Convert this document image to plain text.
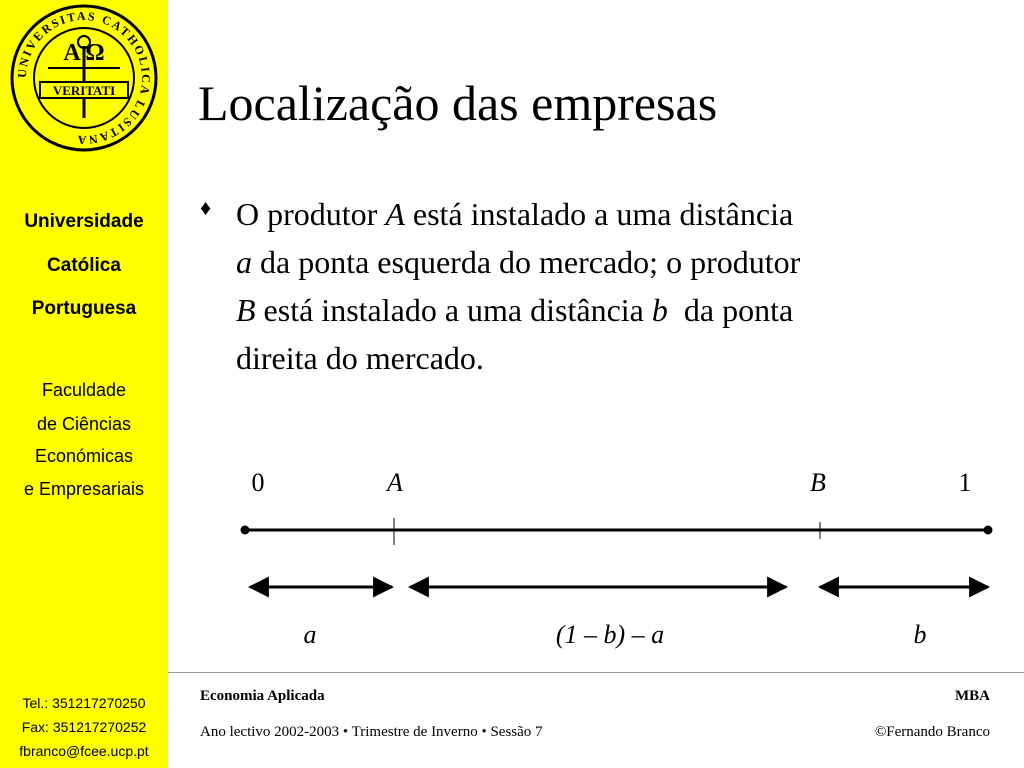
UNIVERSITAS CATHOLICA LUSITANA
A Ω
VERITATI
Universidade
Católica
Portuguesa
Faculdade
de Ciências
Económicas
e Empresariais
Tel.: 351217270250
Fax: 351217270252
fbranco@fcee.ucp.pt
Localização das empresas
♦ O produtor A está instalado a uma distância
a da ponta esquerda do mercado; o produtor
B está instalado a uma distância b  da ponta
direita do mercado.
0	A	B	1
a	(1 – b) – a	b
Economia Aplicada	MBA
Ano lectivo 2002-2003 • Trimestre de Inverno • Sessão 7	©Fernando Branco
